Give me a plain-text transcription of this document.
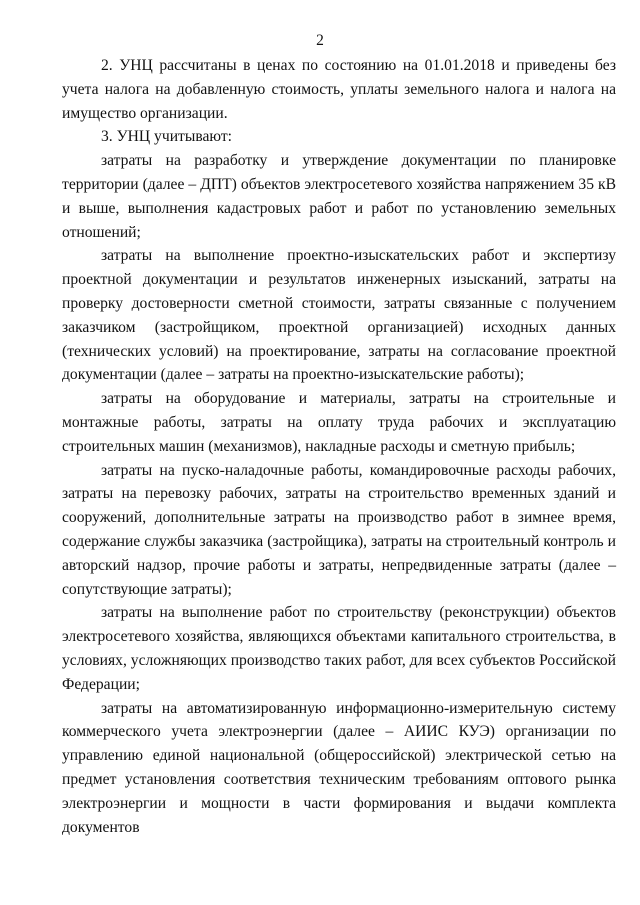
2

2. УНЦ рассчитаны в ценах по состоянию на 01.01.2018 и приведены без учета налога на добавленную стоимость, уплаты земельного налога и налога на имущество организации.

3. УНЦ учитывают:

затраты на разработку и утверждение документации по планировке территории (далее – ДПТ) объектов электросетевого хозяйства напряжением 35 кВ и выше, выполнения кадастровых работ и работ по установлению земельных отношений;

затраты на выполнение проектно-изыскательских работ и экспертизу проектной документации и результатов инженерных изысканий, затраты на проверку достоверности сметной стоимости, затраты связанные с получением заказчиком (застройщиком, проектной организацией) исходных данных (технических условий) на проектирование, затраты на согласование проектной документации (далее – затраты на проектно-изыскательские работы);

затраты на оборудование и материалы, затраты на строительные и монтажные работы, затраты на оплату труда рабочих и эксплуатацию строительных машин (механизмов), накладные расходы и сметную прибыль;

затраты на пуско-наладочные работы, командировочные расходы рабочих, затраты на перевозку рабочих, затраты на строительство временных зданий и сооружений, дополнительные затраты на производство работ в зимнее время, содержание службы заказчика (застройщика), затраты на строительный контроль и авторский надзор, прочие работы и затраты, непредвиденные затраты (далее – сопутствующие затраты);

затраты на выполнение работ по строительству (реконструкции) объектов электросетевого хозяйства, являющихся объектами капитального строительства, в условиях, усложняющих производство таких работ, для всех субъектов Российской Федерации;

затраты на автоматизированную информационно-измерительную систему коммерческого учета электроэнергии (далее – АИИС КУЭ) организации по управлению единой национальной (общероссийской) электрической сетью на предмет установления соответствия техническим требованиям оптового рынка электроэнергии и мощности в части формирования и выдачи комплекта документов
